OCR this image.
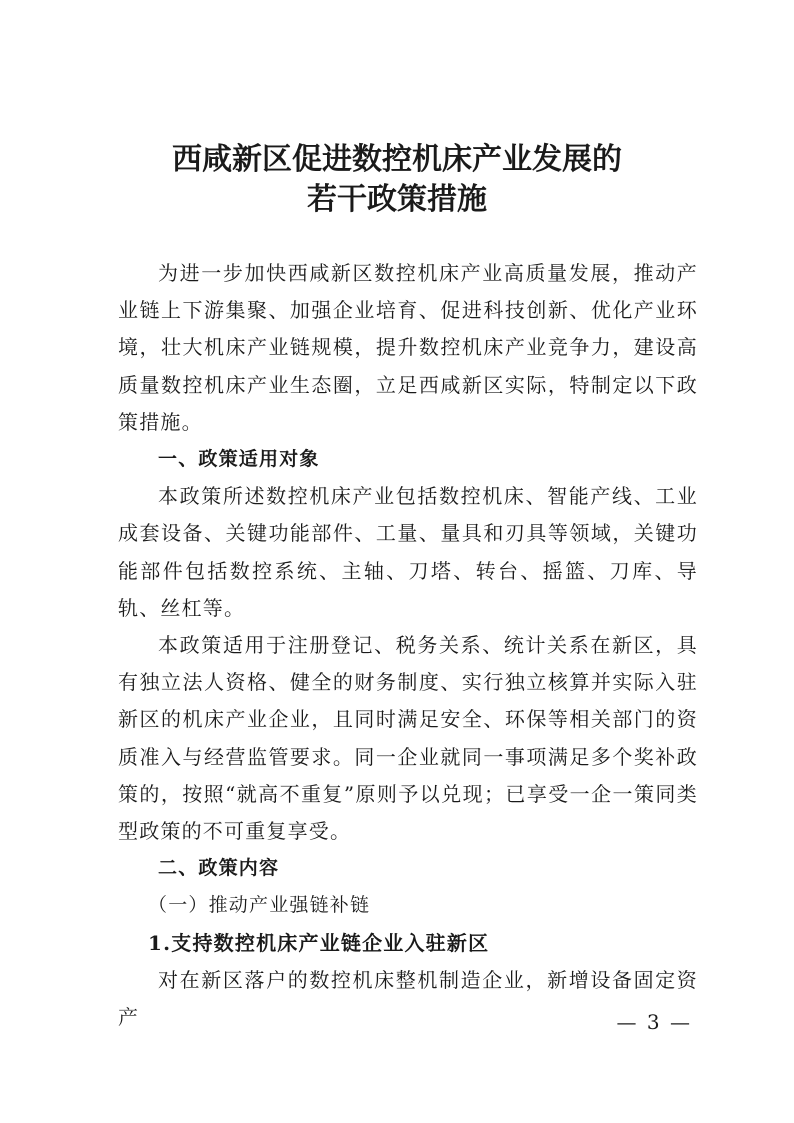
西咸新区促进数控机床产业发展的
若干政策措施

为进一步加快西咸新区数控机床产业高质量发展，推动产业链上下游集聚、加强企业培育、促进科技创新、优化产业环境，壮大机床产业链规模，提升数控机床产业竞争力，建设高质量数控机床产业生态圈，立足西咸新区实际，特制定以下政策措施。

一、政策适用对象

本政策所述数控机床产业包括数控机床、智能产线、工业成套设备、关键功能部件、工量、量具和刃具等领域，关键功能部件包括数控系统、主轴、刀塔、转台、摇篮、刀库、导轨、丝杠等。

本政策适用于注册登记、税务关系、统计关系在新区，具有独立法人资格、健全的财务制度、实行独立核算并实际入驻新区的机床产业企业，且同时满足安全、环保等相关部门的资质准入与经营监管要求。同一企业就同一事项满足多个奖补政策的，按照“就高不重复”原则予以兑现；已享受一企一策同类型政策的不可重复享受。

二、政策内容

（一）推动产业强链补链

1.支持数控机床产业链企业入驻新区

对在新区落户的数控机床整机制造企业，新增设备固定资产	— 3 —
